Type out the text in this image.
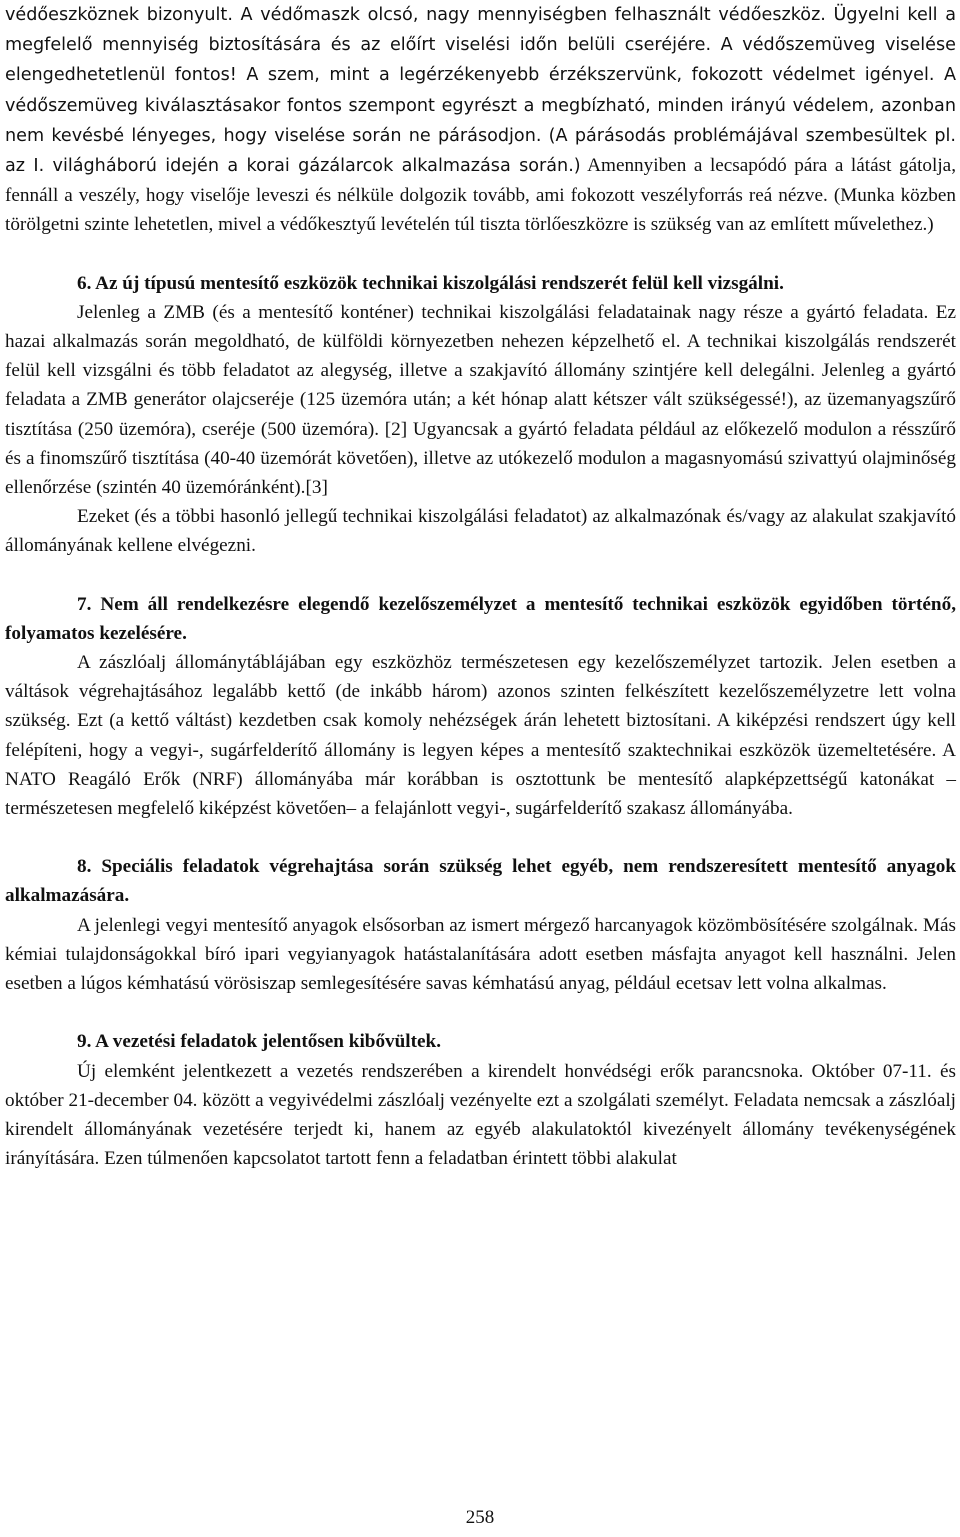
védőeszköznek bizonyult. A védőmaszk olcsó, nagy mennyiségben felhasznált védőeszköz. Ügyelni kell a megfelelő mennyiség biztosítására és az előírt viselési időn belüli cseréjére. A védőszemüveg viselése elengedhetetlenül fontos! A szem, mint a legérzékenyebb érzékszervünk, fokozott védelmet igényel. A védőszemüveg kiválasztásakor fontos szempont egyrészt a megbízható, minden irányú védelem, azonban nem kevésbé lényeges, hogy viselése során ne párásodjon. (A párásodás problémájával szembesültek pl. az I. világháború idején a korai gázálarcok alkalmazása során.) Amennyiben a lecsapódó pára a látást gátolja, fennáll a veszély, hogy viselője leveszi és nélküle dolgozik tovább, ami fokozott veszélyforrás reá nézve. (Munka közben törölgetni szinte lehetetlen, mivel a védőkesztyű levételén túl tiszta törlőeszközre is szükség van az említett művelethez.)

6. Az új típusú mentesítő eszközök technikai kiszolgálási rendszerét felül kell vizsgálni.

Jelenleg a ZMB (és a mentesítő konténer) technikai kiszolgálási feladatainak nagy része a gyártó feladata. Ez hazai alkalmazás során megoldható, de külföldi környezetben nehezen képzelhető el. A technikai kiszolgálás rendszerét felül kell vizsgálni és több feladatot az alegység, illetve a szakjavító állomány szintjére kell delegálni. Jelenleg a gyártó feladata a ZMB generátor olajcseréje (125 üzemóra után; a két hónap alatt kétszer vált szükségessé!), az üzemanyagszűrő tisztítása (250 üzemóra), cseréje (500 üzemóra). [2] Ugyancsak a gyártó feladata például az előkezelő modulon a résszűrő és a finomszűrő tisztítása (40-40 üzemórát követően), illetve az utókezelő modulon a magasnyomású szivattyú olajminőség ellenőrzése (szintén 40 üzemóránként).[3]

Ezeket (és a többi hasonló jellegű technikai kiszolgálási feladatot) az alkalmazónak és/vagy az alakulat szakjavító állományának kellene elvégezni.

7. Nem áll rendelkezésre elegendő kezelőszemélyzet a mentesítő technikai eszközök egyidőben történő, folyamatos kezelésére.

A zászlóalj állománytáblájában egy eszközhöz természetesen egy kezelőszemélyzet tartozik. Jelen esetben a váltások végrehajtásához legalább kettő (de inkább három) azonos szinten felkészített kezelőszemélyzetre lett volna szükség. Ezt (a kettő váltást) kezdetben csak komoly nehézségek árán lehetett biztosítani. A kiképzési rendszert úgy kell felépíteni, hogy a vegyi-, sugárfelderítő állomány is legyen képes a mentesítő szaktechnikai eszközök üzemeltetésére. A NATO Reagáló Erők (NRF) állományába már korábban is osztottunk be mentesítő alapképzettségű katonákat –természetesen megfelelő kiképzést követően– a felajánlott vegyi-, sugárfelderítő szakasz állományába.

8. Speciális feladatok végrehajtása során szükség lehet egyéb, nem rendszeresített mentesítő anyagok alkalmazására.

A jelenlegi vegyi mentesítő anyagok elsősorban az ismert mérgező harcanyagok közömbösítésére szolgálnak. Más kémiai tulajdonságokkal bíró ipari vegyianyagok hatástalanítására adott esetben másfajta anyagot kell használni. Jelen esetben a lúgos kémhatású vörösiszap semlegesítésére savas kémhatású anyag, például ecetsav lett volna alkalmas.

9. A vezetési feladatok jelentősen kibővültek.

Új elemként jelentkezett a vezetés rendszerében a kirendelt honvédségi erők parancsnoka. Október 07-11. és október 21-december 04. között a vegyivédelmi zászlóalj vezényelte ezt a szolgálati személyt. Feladata nemcsak a zászlóalj kirendelt állományának vezetésére terjedt ki, hanem az egyéb alakulatoktól kivezényelt állomány tevékenységének irányítására. Ezen túlmenően kapcsolatot tartott fenn a feladatban érintett többi alakulat

258
